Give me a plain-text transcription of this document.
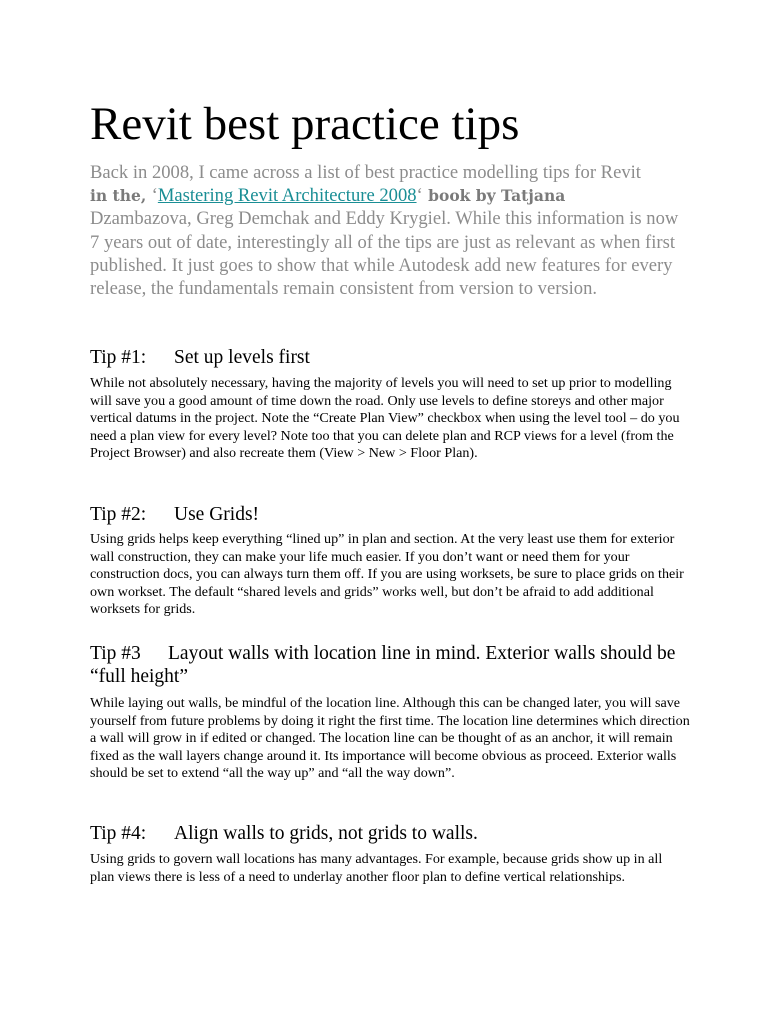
Revit best practice tips

Back in 2008, I came across a list of best practice modelling tips for Revit
in the, ‘Mastering Revit Architecture 2008‘ book by Tatjana
Dzambazova, Greg Demchak and Eddy Krygiel. While this information is now 7 years out of date, interestingly all of the tips are just as relevant as when first published. It just goes to show that while Autodesk add new features for every release, the fundamentals remain consistent from version to version.

Tip #1: Set up levels first

While not absolutely necessary, having the majority of levels you will need to set up prior to modelling will save you a good amount of time down the road. Only use levels to define storeys and other major vertical datums in the project. Note the “Create Plan View” checkbox when using the level tool – do you need a plan view for every level? Note too that you can delete plan and RCP views for a level (from the Project Browser) and also recreate them (View > New > Floor Plan).

Tip #2: Use Grids!

Using grids helps keep everything “lined up” in plan and section. At the very least use them for exterior wall construction, they can make your life much easier. If you don’t want or need them for your construction docs, you can always turn them off. If you are using worksets, be sure to place grids on their own workset. The default “shared levels and grids” works well, but don’t be afraid to add additional worksets for grids.

Tip #3 Layout walls with location line in mind. Exterior walls should be “full height”

While laying out walls, be mindful of the location line. Although this can be changed later, you will save yourself from future problems by doing it right the first time. The location line determines which direction a wall will grow in if edited or changed. The location line can be thought of as an anchor, it will remain fixed as the wall layers change around it. Its importance will become obvious as proceed. Exterior walls should be set to extend “all the way up” and “all the way down”.

Tip #4: Align walls to grids, not grids to walls.

Using grids to govern wall locations has many advantages. For example, because grids show up in all plan views there is less of a need to underlay another floor plan to define vertical relationships.
